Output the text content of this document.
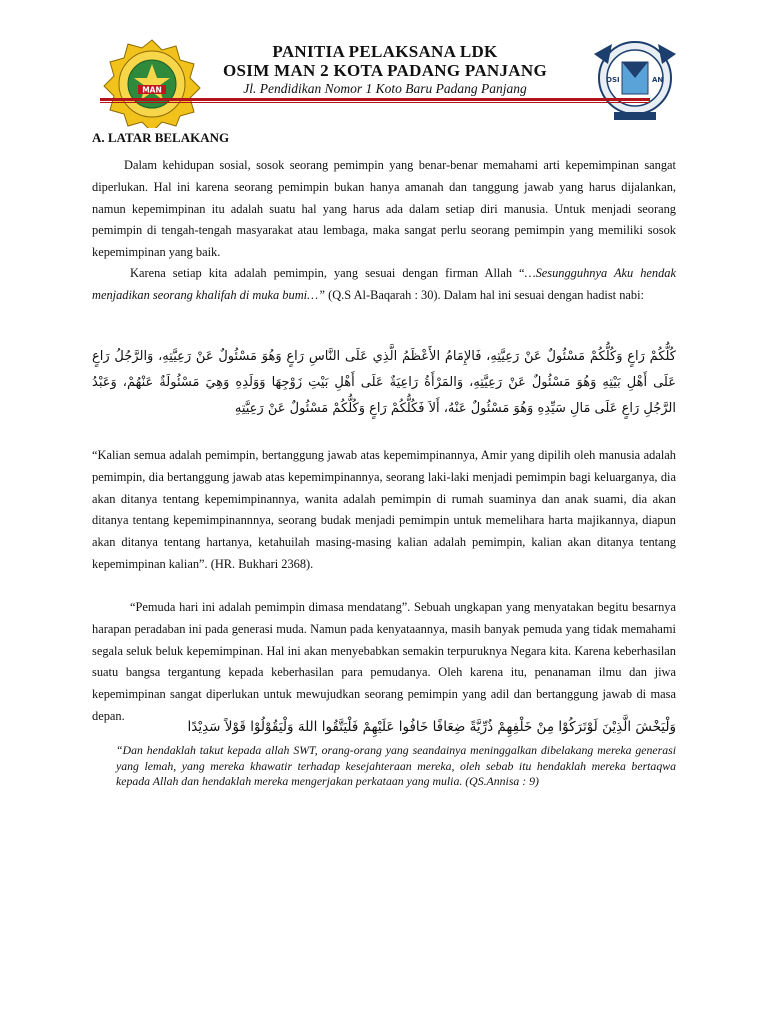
MAN
OSI	AN
PANITIA PELAKSANA LDK
OSIM MAN 2 KOTA PADANG PANJANG
Jl. Pendidikan Nomor 1 Koto Baru Padang Panjang
A. LATAR BELAKANG

Dalam kehidupan sosial, sosok seorang pemimpin yang benar-benar memahami arti kepemimpinan sangat diperlukan. Hal ini karena seorang pemimpin bukan hanya amanah dan tanggung jawab yang harus dijalankan, namun kepemimpinan itu adalah suatu hal yang harus ada dalam setiap diri manusia. Untuk menjadi seorang pemimpin di tengah-tengah masyarakat atau lembaga, maka sangat perlu seorang pemimpin yang memiliki sosok kepemimpinan yang baik.

Karena setiap kita adalah pemimpin, yang sesuai dengan firman Allah “…Sesungguhnya Aku hendak menjadikan seorang khalifah di muka bumi…” (Q.S Al-Baqarah : 30). Dalam hal ini sesuai dengan hadist nabi:

كُلُّكُمْ رَاعٍ وَكُلُّكُمْ مَسْئُولٌ عَنْ رَعِيَّتِهِ، فَالإِمَامُ الأَعْظَمُ الَّذِي عَلَى النَّاسِ رَاعٍ وَهُوَ مَسْئُولٌ عَنْ رَعِيَّتِهِ، وَالرَّجُلُ رَاعٍ عَلَى أَهْلِ بَيْتِهِ وَهُوَ مَسْئُولٌ عَنْ رَعِيَّتِهِ، وَالمَرْأَةُ رَاعِيَةٌ عَلَى أَهْلِ بَيْتِ زَوْجِهَا وَوَلَدِهِ وَهِيَ مَسْئُولَةٌ عَنْهُمْ، وَعَبْدُ الرَّجُلِ رَاعٍ عَلَى مَالِ سَيِّدِهِ وَهُوَ مَسْئُولٌ عَنْهُ، أَلاَ فَكُلُّكُمْ رَاعٍ وَكُلُّكُمْ مَسْئُولٌ عَنْ رَعِيَّتِهِ

“Kalian semua adalah pemimpin, bertanggung jawab atas kepemimpinannya, Amir yang dipilih oleh manusia adalah pemimpin, dia bertanggung jawab atas kepemimpinannya, seorang laki-laki menjadi pemimpin bagi keluarganya, dia akan ditanya tentang kepemimpinannya, wanita adalah pemimpin di rumah suaminya dan anak suami, dia akan ditanya tentang kepemimpinannnya, seorang budak menjadi pemimpin untuk memelihara harta majikannya, diapun akan ditanya tentang hartanya, ketahuilah masing-masing kalian adalah pemimpin, kalian akan ditanya tentang kepemimpinan kalian”. (HR. Bukhari 2368).

“Pemuda hari ini adalah pemimpin dimasa mendatang”. Sebuah ungkapan yang menyatakan begitu besarnya harapan peradaban ini pada generasi muda. Namun pada kenyataannya, masih banyak pemuda yang tidak memahami segala seluk beluk kepemimpinan. Hal ini akan menyebabkan semakin terpuruknya Negara kita. Karena keberhasilan suatu bangsa tergantung kepada keberhasilan para pemudanya. Oleh karena itu, penanaman ilmu dan jiwa kepemimpinan sangat diperlukan untuk mewujudkan seorang pemimpin yang adil dan bertanggung jawab di masa depan.

وَلْيَخْشَ الَّذِيْنَ لَوْتَرَكُوْا مِنْ خَلْفِهِمْ ذُرِّيَّةً ضِعَافًا خَافُوا عَلَيْهِمْ فَلْيَتَّقُوا اللهَ وَلْيَقُوْلُوْا قَوْلاً سَدِيْدًا

“Dan hendaklah takut kepada allah SWT, orang-orang yang seandainya meninggalkan dibelakang mereka generasi yang lemah, yang mereka khawatir terhadap kesejahteraan mereka, oleh sebab itu hendaklah mereka bertaqwa kepada Allah dan hendaklah mereka mengerjakan perkataan yang mulia. (QS.Annisa : 9)
